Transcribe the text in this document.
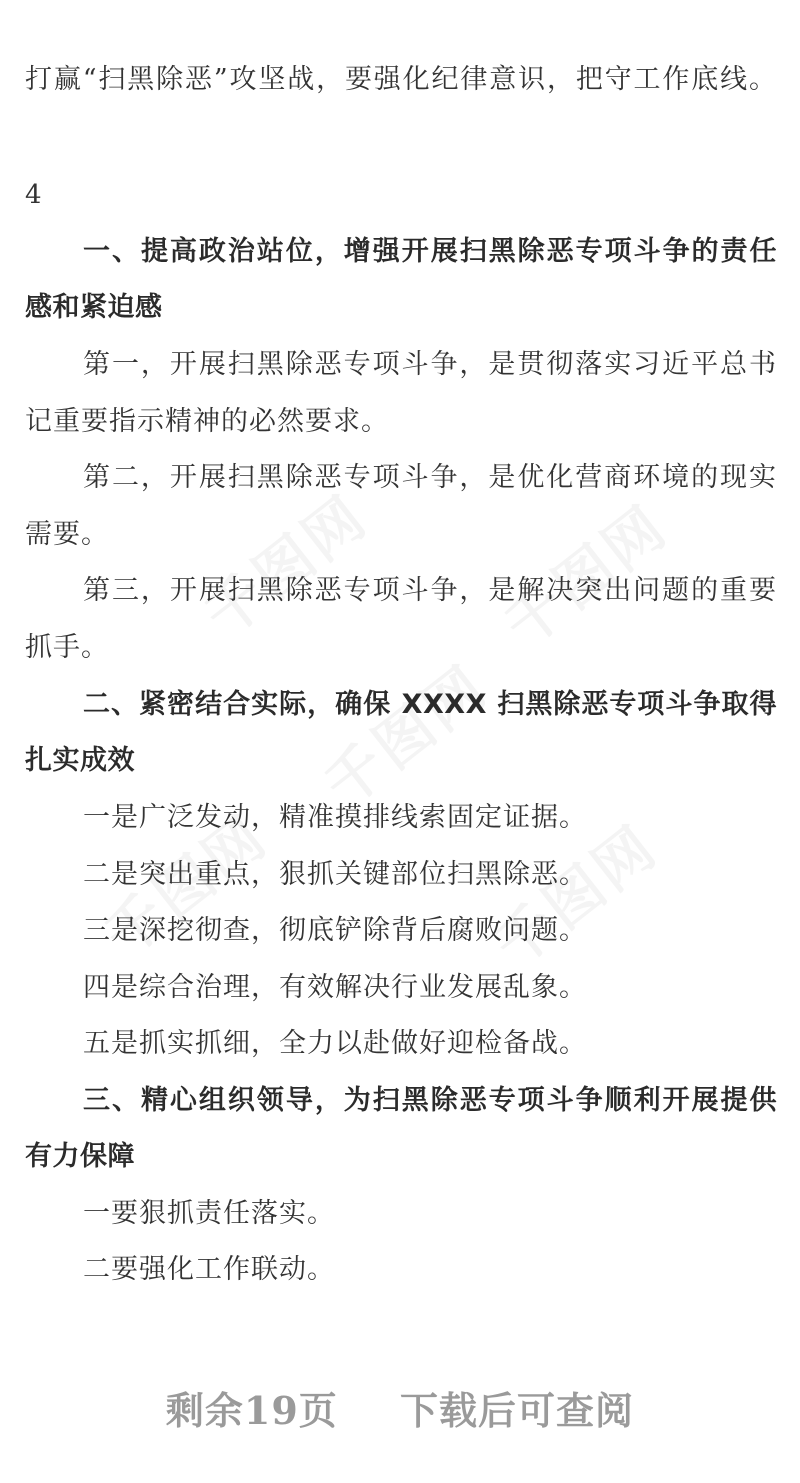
打赢“扫黑除恶”攻坚战，要强化纪律意识，把守工作底线。
4
一、提高政治站位，增强开展扫黑除恶专项斗争的责任
感和紧迫感
第一，开展扫黑除恶专项斗争，是贯彻落实习近平总书
记重要指示精神的必然要求。
第二，开展扫黑除恶专项斗争，是优化营商环境的现实
需要。
第三，开展扫黑除恶专项斗争，是解决突出问题的重要
抓手。
二、紧密结合实际，确保 XXXX 扫黑除恶专项斗争取得
扎实成效
一是广泛发动，精准摸排线索固定证据。
二是突出重点，狠抓关键部位扫黑除恶。
三是深挖彻查，彻底铲除背后腐败问题。
四是综合治理，有效解决行业发展乱象。
五是抓实抓细，全力以赴做好迎检备战。
三、精心组织领导，为扫黑除恶专项斗争顺利开展提供
有力保障
一要狠抓责任落实。
二要强化工作联动。
剩余19页 下载后可查阅
